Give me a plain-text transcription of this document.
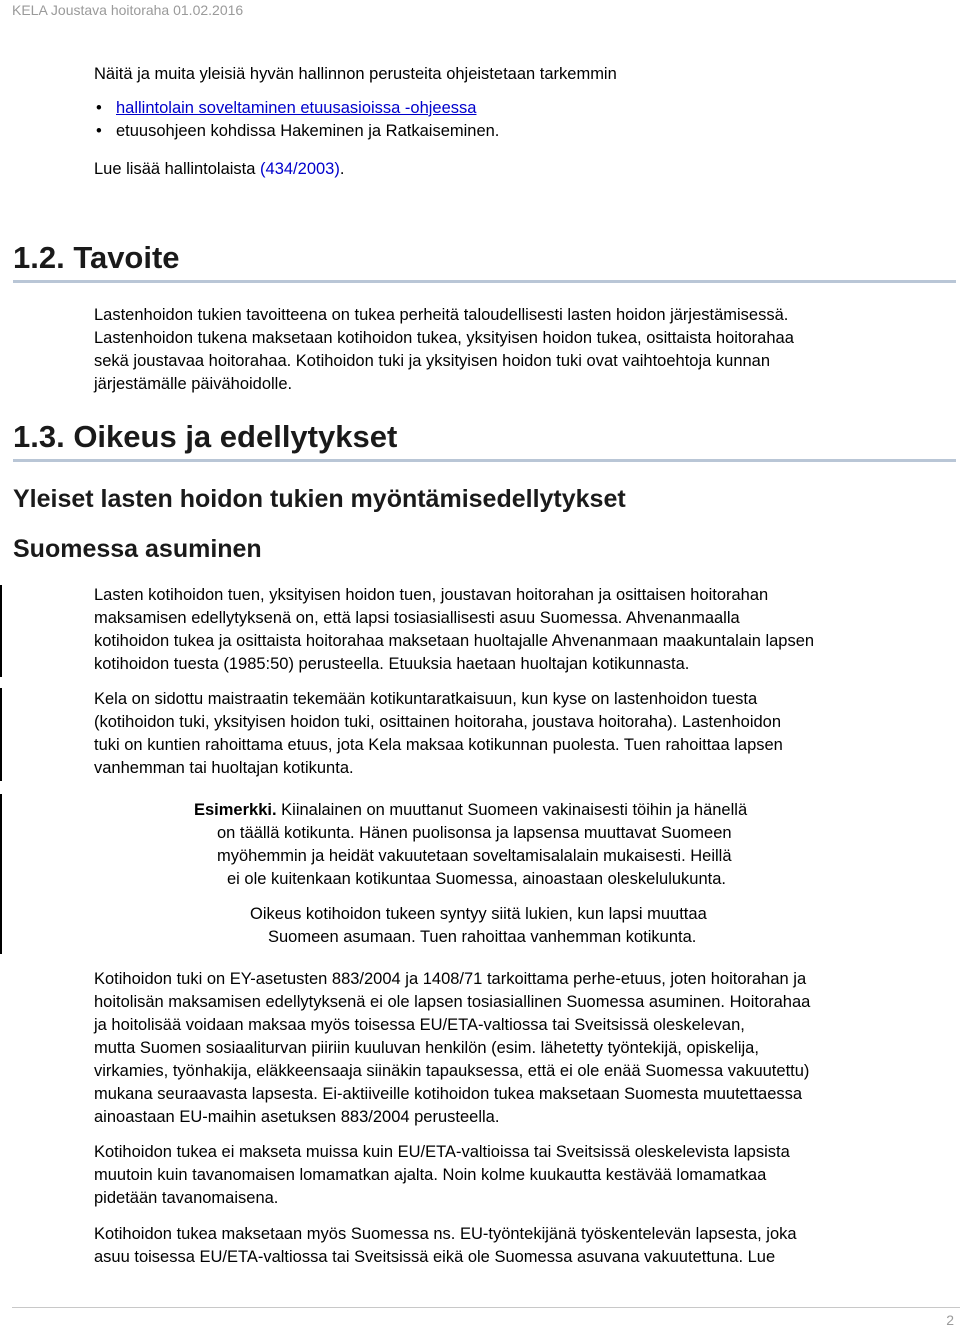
KELA Joustava hoitoraha 01.02.2016

Näitä ja muita yleisiä hyvän hallinnon perusteita ohjeistetaan tarkemmin

• hallintolain soveltaminen etuusasioissa -ohjeessa
• etuusohjeen kohdissa Hakeminen ja Ratkaiseminen.

Lue lisää hallintolaista (434/2003).

1.2. Tavoite

Lastenhoidon tukien tavoitteena on tukea perheitä taloudellisesti lasten hoidon järjestämisessä.

Lastenhoidon tukena maksetaan kotihoidon tukea, yksityisen hoidon tukea, osittaista hoitorahaa

sekä joustavaa hoitorahaa. Kotihoidon tuki ja yksityisen hoidon tuki ovat vaihtoehtoja kunnan

järjestämälle päivähoidolle.

1.3. Oikeus ja edellytykset
Yleiset lasten hoidon tukien myöntämisedellytykset
Suomessa asuminen

Lasten kotihoidon tuen, yksityisen hoidon tuen, joustavan hoitorahan ja osittaisen hoitorahan

maksamisen edellytyksenä on, että lapsi tosiasiallisesti asuu Suomessa. Ahvenanmaalla

kotihoidon tukea ja osittaista hoitorahaa maksetaan huoltajalle Ahvenanmaan maakuntalain lapsen

kotihoidon tuesta (1985:50) perusteella. Etuuksia haetaan huoltajan kotikunnasta.

Kela on sidottu maistraatin tekemään kotikuntaratkaisuun, kun kyse on lastenhoidon tuesta

(kotihoidon tuki, yksityisen hoidon tuki, osittainen hoitoraha, joustava hoitoraha). Lastenhoidon

tuki on kuntien rahoittama etuus, jota Kela maksaa kotikunnan puolesta. Tuen rahoittaa lapsen

vanhemman tai huoltajan kotikunta.

Esimerkki. Kiinalainen on muuttanut Suomeen vakinaisesti töihin ja hänellä

on täällä kotikunta. Hänen puolisonsa ja lapsensa muuttavat Suomeen

myöhemmin ja heidät vakuutetaan soveltamisalalain mukaisesti. Heillä

ei ole kuitenkaan kotikuntaa Suomessa, ainoastaan oleskelulukunta.

Oikeus kotihoidon tukeen syntyy siitä lukien, kun lapsi muuttaa

Suomeen asumaan. Tuen rahoittaa vanhemman kotikunta.

Kotihoidon tuki on EY-asetusten 883/2004 ja 1408/71 tarkoittama perhe-etuus, joten hoitorahan ja

hoitolisän maksamisen edellytyksenä ei ole lapsen tosiasiallinen Suomessa asuminen. Hoitorahaa

ja hoitolisää voidaan maksaa myös toisessa EU/ETA-valtiossa tai Sveitsissä oleskelevan,

mutta Suomen sosiaaliturvan piiriin kuuluvan henkilön (esim. lähetetty työntekijä, opiskelija,

virkamies, työnhakija, eläkkeensaaja siinäkin tapauksessa, että ei ole enää Suomessa vakuutettu)

mukana seuraavasta lapsesta. Ei-aktiiveille kotihoidon tukea maksetaan Suomesta muutettaessa

ainoastaan EU-maihin asetuksen 883/2004 perusteella.

Kotihoidon tukea ei makseta muissa kuin EU/ETA-valtioissa tai Sveitsissä oleskelevista lapsista

muutoin kuin tavanomaisen lomamatkan ajalta. Noin kolme kuukautta kestävää lomamatkaa

pidetään tavanomaisena.

Kotihoidon tukea maksetaan myös Suomessa ns. EU-työntekijänä työskentelevän lapsesta, joka

asuu toisessa EU/ETA-valtiossa tai Sveitsissä eikä ole Suomessa asuvana vakuutettuna. Lue

2
